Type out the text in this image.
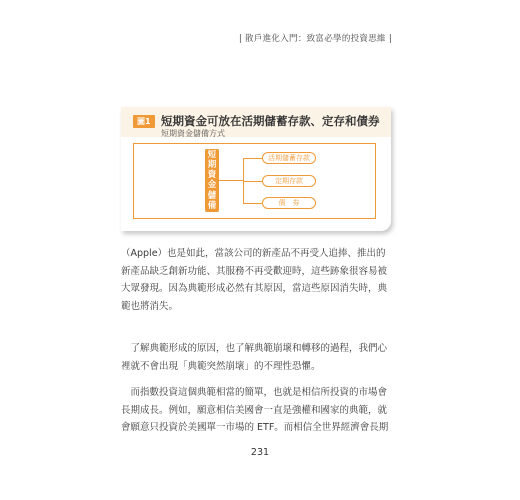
| 散戶進化入門：致富必學的投資思維 |
圖1 短期資金可放在活期儲蓄存款、定存和債券
短期資金儲備方式
短
期
資
金
儲
備
活期儲蓄存款
定期存款
債　券

（Apple）也是如此，當該公司的新產品不再受人追捧、推出的新產品缺乏創新功能、其服務不再受歡迎時，這些跡象很容易被大眾發現。因為典範形成必然有其原因，當這些原因消失時，典範也將消失。

　了解典範形成的原因，也了解典範崩壞和轉移的過程，我們心裡就不會出現「典範突然崩壞」的不理性恐懼。

　而指數投資這個典範相當的簡單，也就是相信所投資的市場會長期成長。例如，願意相信美國會一直是強權和國家的典範，就會願意只投資於美國單一市場的 ETF。而相信全世界經濟會長期

231
